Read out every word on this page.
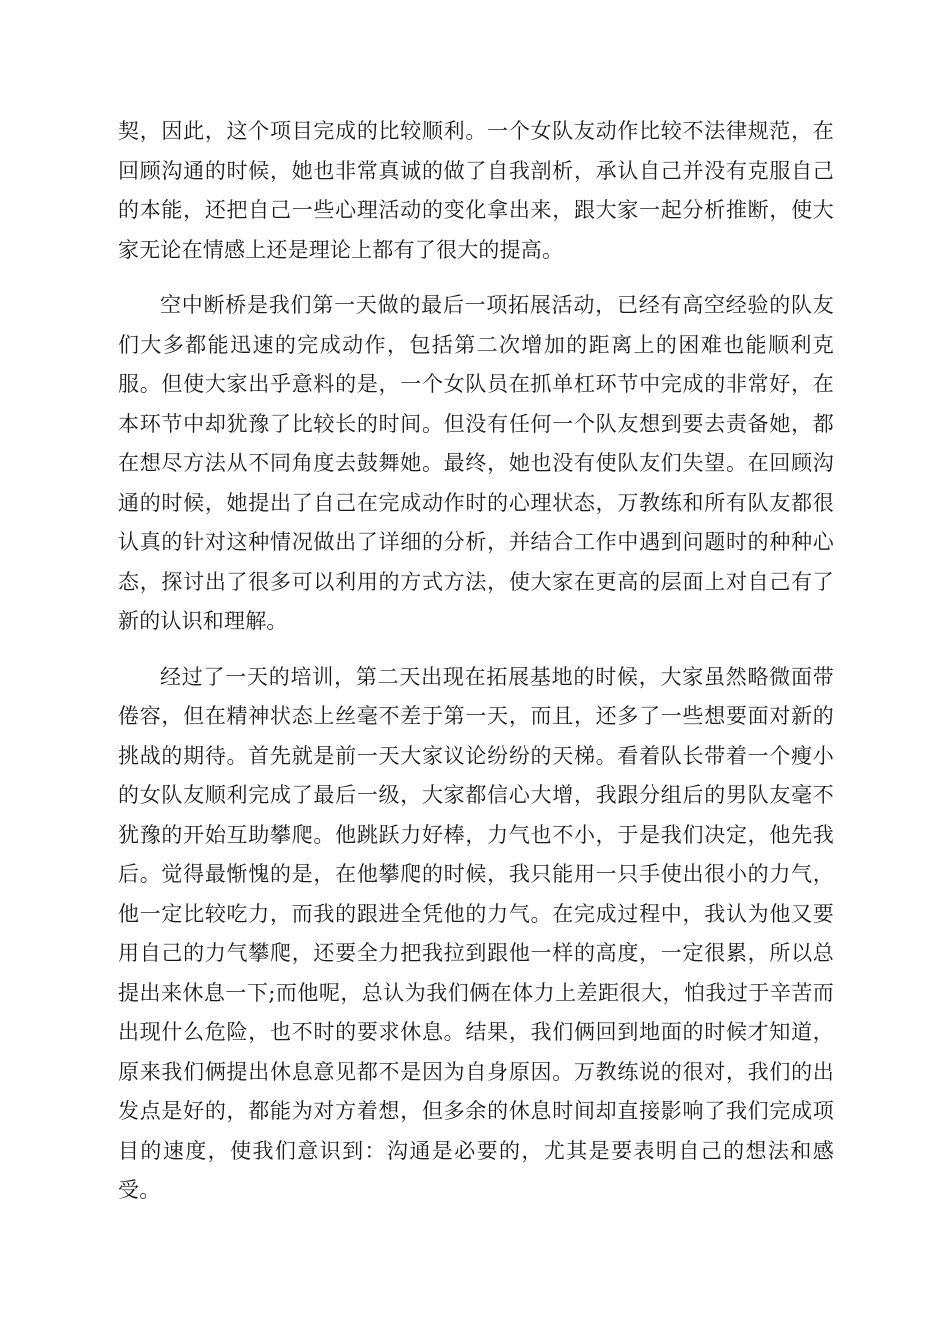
契，因此，这个项目完成的比较顺利。一个女队友动作比较不法律规范，在回顾沟通的时候，她也非常真诚的做了自我剖析，承认自己并没有克服自己的本能，还把自己一些心理活动的变化拿出来，跟大家一起分析推断，使大家无论在情感上还是理论上都有了很大的提高。

空中断桥是我们第一天做的最后一项拓展活动，已经有高空经验的队友们大多都能迅速的完成动作，包括第二次增加的距离上的困难也能顺利克服。但使大家出乎意料的是，一个女队员在抓单杠环节中完成的非常好，在本环节中却犹豫了比较长的时间。但没有任何一个队友想到要去责备她，都在想尽方法从不同角度去鼓舞她。最终，她也没有使队友们失望。在回顾沟通的时候，她提出了自己在完成动作时的心理状态，万教练和所有队友都很认真的针对这种情况做出了详细的分析，并结合工作中遇到问题时的种种心态，探讨出了很多可以利用的方式方法，使大家在更高的层面上对自己有了新的认识和理解。

经过了一天的培训，第二天出现在拓展基地的时候，大家虽然略微面带倦容，但在精神状态上丝毫不差于第一天，而且，还多了一些想要面对新的挑战的期待。首先就是前一天大家议论纷纷的天梯。看着队长带着一个瘦小的女队友顺利完成了最后一级，大家都信心大增，我跟分组后的男队友毫不犹豫的开始互助攀爬。他跳跃力好棒，力气也不小，于是我们决定，他先我后。觉得最惭愧的是，在他攀爬的时候，我只能用一只手使出很小的力气，他一定比较吃力，而我的跟进全凭他的力气。在完成过程中，我认为他又要用自己的力气攀爬，还要全力把我拉到跟他一样的高度，一定很累，所以总提出来休息一下;而他呢，总认为我们俩在体力上差距很大，怕我过于辛苦而出现什么危险，也不时的要求休息。结果，我们俩回到地面的时候才知道，原来我们俩提出休息意见都不是因为自身原因。万教练说的很对，我们的出发点是好的，都能为对方着想，但多余的休息时间却直接影响了我们完成项目的速度，使我们意识到：沟通是必要的，尤其是要表明自己的想法和感受。
